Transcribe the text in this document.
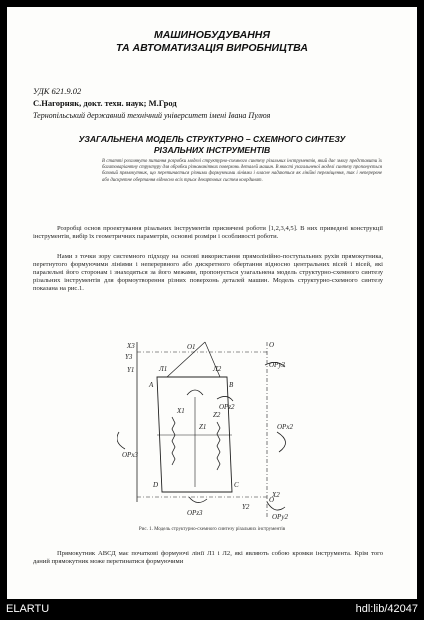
МАШИНОБУДУВАННЯ
ТА АВТОМАТИЗАЦІЯ ВИРОБНИЦТВА
УДК 621.9.02
С.Нагорняк, докт. техн. наук; М.Грод
Тернопільський державний технічний університет імені Івана Пулюя
УЗАГАЛЬНЕНА МОДЕЛЬ СТРУКТУРНО – СХЕМНОГО СИНТЕЗУ
РІЗАЛЬНИХ ІНСТРУМЕНТІВ
В статті розглянуто питання розробки моделі структурно-схемного синтезу різальних інструментів, який дає змогу представити їх багатоваріантну структуру для обробки різноманітних поверхонь деталей машин. В якості узагальненої моделі синтезу пропонується базовий прямокутник, що перетинається різними формуючими лініями і власне надаються як лінійні переміщення, так і неперервне або дискретне обертання відносно всіх трьох декартових систем координат.
Розробці основ проектування різальних інструментів присвячені роботи [1,2,3,4,5]. В них приведені конструкції інструментів, вибір їх геометричних параметрів, основні розміри і особливості роботи.
Нами з точки зору системного підходу на основі використання прямолінійно-поступальних рухів прямокутника, перетнутого формуючими лініями і неперервного або дискретного обертання відносно центральних вісей і вісей, які паралельні його сторонам і знаходяться за його межами, пропонується узагальнена модель структурно-схемного синтезу різальних інструментів для формоутворення різних поверхонь деталей машин. Модель структурно-схемного синтезу показана на рис.1.
X3
Y3
O
Y1
O1
OPy3
A	B
C
D
Л1	Л2
X1
Z1
Z2
OPz2
OPx2
OPx3
OPz3
X2
Y2
OPy2
O
Рис. 1. Модель структурно-схемного синтезу різальних інструментів
Прямокутник АВСД має початкові формуючі лінії Л1 і Л2, які являють собою кромки інструмента. Крім того даний прямокутник може перетинатися формуючими
ELARTU	hdl:lib/42047
